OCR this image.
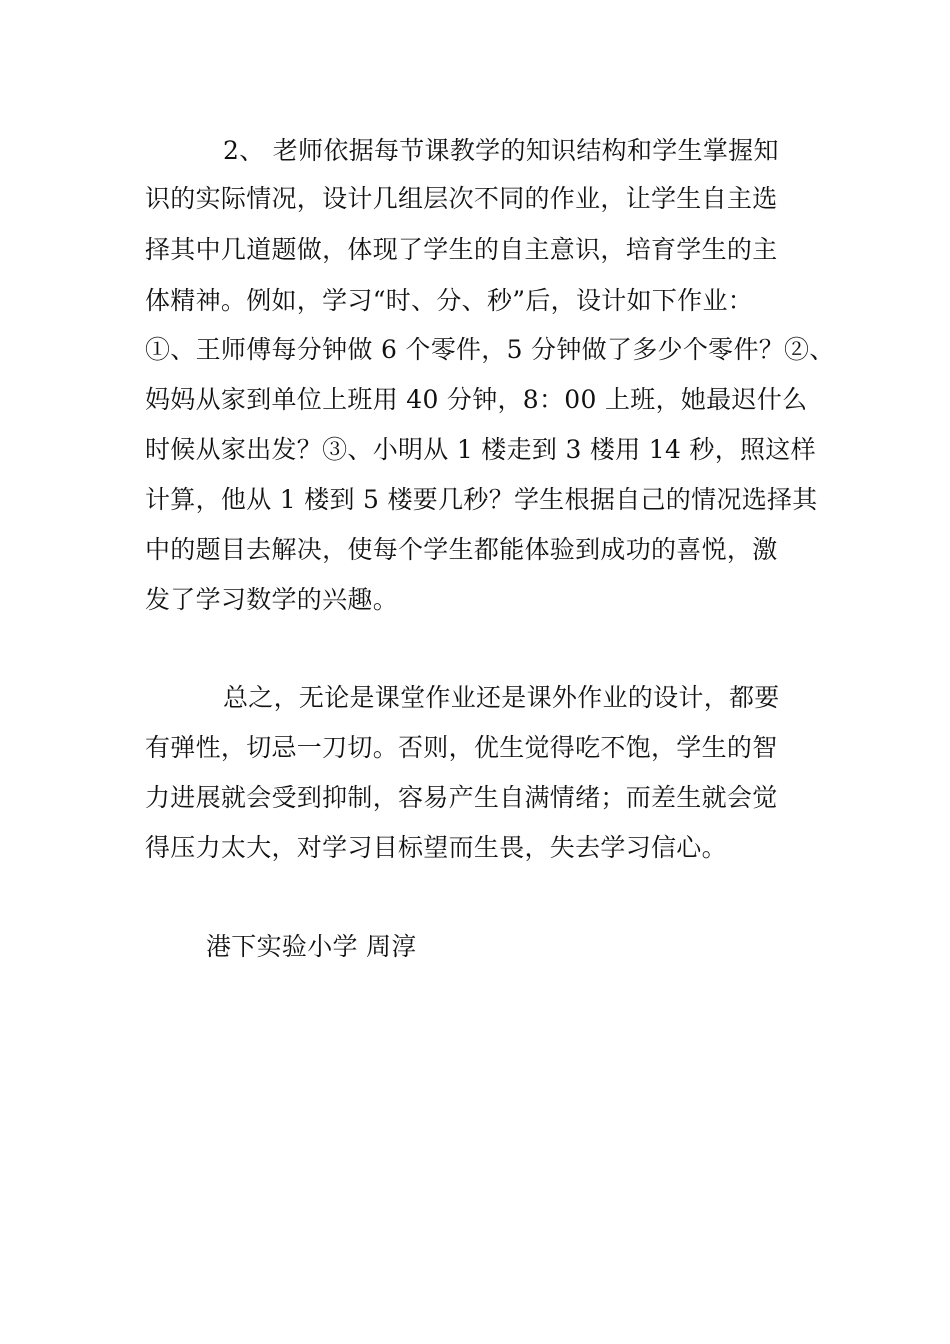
2、 老师依据每节课教学的知识结构和学生掌握知
识的实际情况，设计几组层次不同的作业，让学生自主选
择其中几道题做，体现了学生的自主意识，培育学生的主
体精神。例如，学习“时、分、秒”后，设计如下作业：
①、王师傅每分钟做 6 个零件，5 分钟做了多少个零件？②、
妈妈从家到单位上班用 40 分钟，8：00 上班，她最迟什么
时候从家出发？③、小明从 1 楼走到 3 楼用 14 秒，照这样
计算，他从 1 楼到 5 楼要几秒？学生根据自己的情况选择其
中的题目去解决，使每个学生都能体验到成功的喜悦，激
发了学习数学的兴趣。
总之，无论是课堂作业还是课外作业的设计，都要
有弹性，切忌一刀切。否则，优生觉得吃不饱，学生的智
力进展就会受到抑制，容易产生自满情绪；而差生就会觉
得压力太大，对学习目标望而生畏，失去学习信心。
港下实验小学 周淳
